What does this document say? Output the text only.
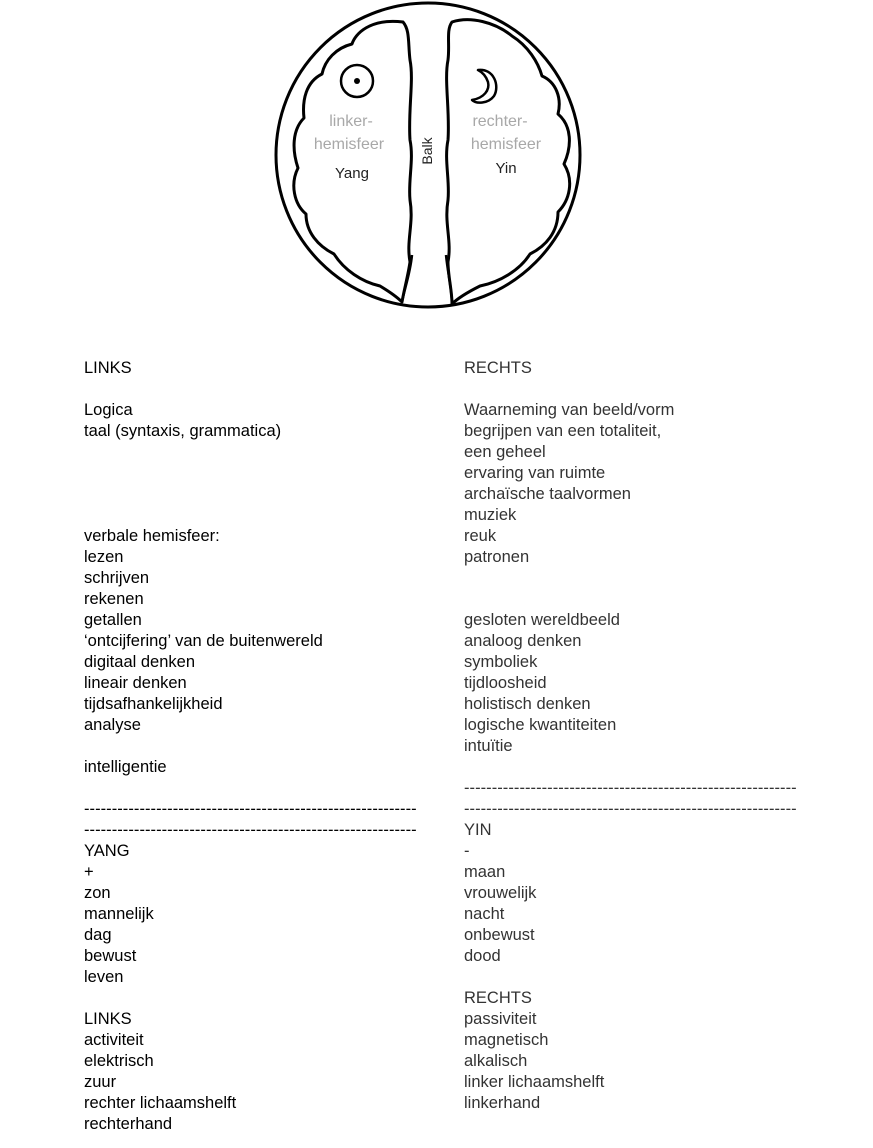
linker-
hemisfeer
Yang
rechter-
hemisfeer
Yin
Balk
LINKS
Logica
taal (syntaxis, grammatica)
verbale hemisfeer:
lezen
schrijven
rekenen
getallen
‘ontcijfering’ van de buitenwereld
digitaal denken
lineair denken
tijdsafhankelijkheid
analyse
intelligentie
------------------------------------------------------------
------------------------------------------------------------
YANG
+
zon
mannelijk
dag
bewust
leven
LINKS
activiteit
elektrisch
zuur
rechter lichaamshelft
rechterhand
RECHTS
Waarneming van beeld/vorm
begrijpen van een totaliteit,
een geheel
ervaring van ruimte
archaïsche taalvormen
muziek
reuk
patronen
gesloten wereldbeeld
analoog denken
symboliek
tijdloosheid
holistisch denken
logische kwantiteiten
intuïtie
------------------------------------------------------------
------------------------------------------------------------
YIN
-
maan
vrouwelijk
nacht
onbewust
dood
RECHTS
passiviteit
magnetisch
alkalisch
linker lichaamshelft
linkerhand
